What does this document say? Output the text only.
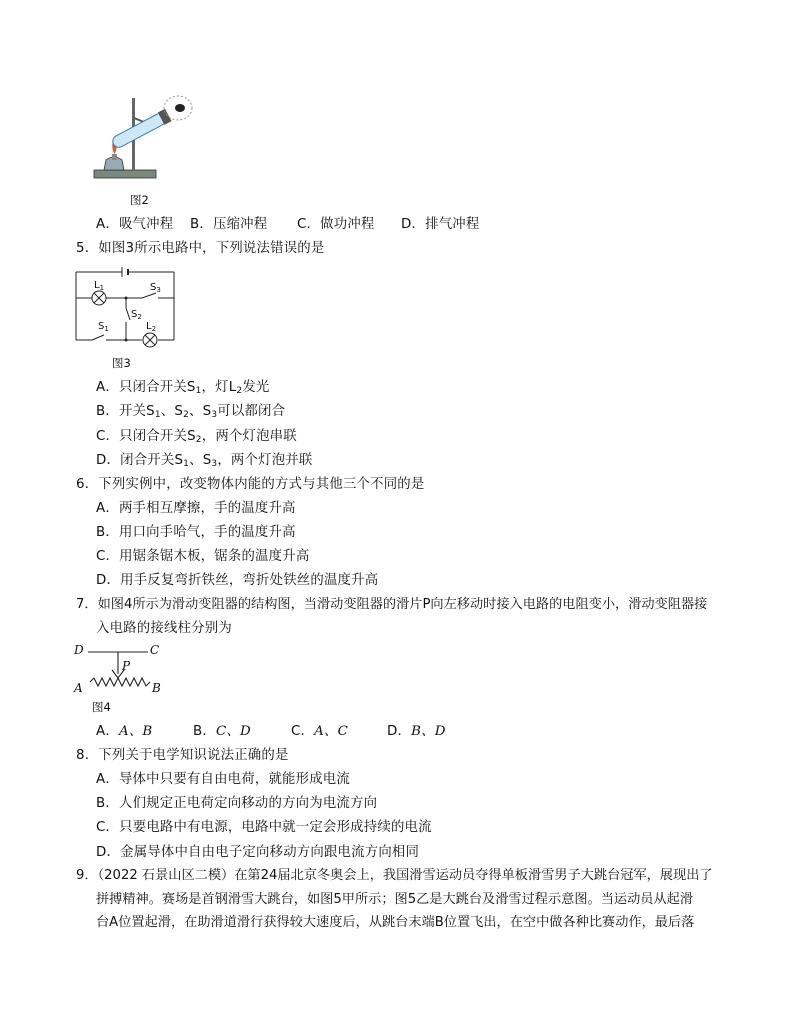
图2
A．吸气冲程 B．压缩冲程 C．做功冲程 D．排气冲程
5．如图3所示电路中，下列说法错误的是
$L_1$	$S_3$
$S_2$
$S_1$	$L_2$
图3
A．只闭合开关$S_1$，灯$L_2$发光
B．开关$S_1$、$S_2$、$S_3$可以都闭合
C．只闭合开关$S_2$，两个灯泡串联
D．闭合开关$S_1$、$S_3$，两个灯泡并联
6．下列实例中，改变物体内能的方式与其他三个不同的是
A．两手相互摩擦，手的温度升高
B．用口向手哈气，手的温度升高
C．用锯条锯木板，锯条的温度升高
D．用手反复弯折铁丝，弯折处铁丝的温度升高
7．如图4所示为滑动变阻器的结构图，当滑动变阻器的滑片P向左移动时接入电路的电阻变小，滑动变阻器接
入电路的接线柱分别为
D	C
P
A	B
图4
A．A、B	B．C、D	C．A、C	D．B、D
8．下列关于电学知识说法正确的是
A．导体中只要有自由电荷，就能形成电流
B．人们规定正电荷定向移动的方向为电流方向
C．只要电路中有电源，电路中就一定会形成持续的电流
D．金属导体中自由电子定向移动方向跟电流方向相同
9．（2022 石景山区二模）在第24届北京冬奥会上，我国滑雪运动员夺得单板滑雪男子大跳台冠军，展现出了
拼搏精神。赛场是首钢滑雪大跳台，如图5甲所示；图5乙是大跳台及滑雪过程示意图。当运动员从起滑
台A位置起滑，在助滑道滑行获得较大速度后，从跳台末端B位置飞出，在空中做各种比赛动作，最后落
